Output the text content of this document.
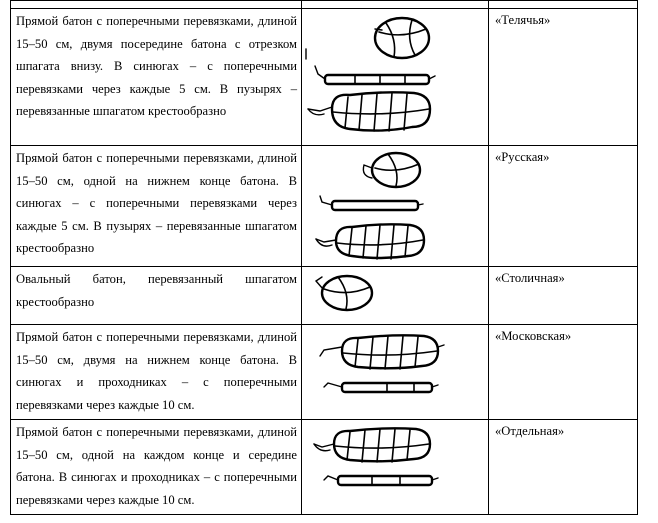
Прямой батон с поперечными перевязками, длиной 15–50 см, двумя посередине батона с отрезком шпагата внизу. В синюгах – с поперечными перевязками через каждые 5 см. В пузырях – перевязанные шпагатом крестообразно		«Телячья»

Прямой батон с поперечными перевязками, длиной 15–50 см, одной на нижнем конце батона. В синюгах – с поперечными перевязками через каждые 5 см. В пузырях – перевязанные шпагатом крестообразно		«Русская»

Овальный батон, перевязанный шпагатом крестообразно		«Столичная»

Прямой батон с поперечными перевязками, длиной 15–50 см, двумя на нижнем конце батона. В синюгах и проходниках – с поперечными перевязками через каждые 10 см.		«Московская»

Прямой батон с поперечными перевязками, длиной 15–50 см, одной на каждом конце и середине батона. В синюгах и проходниках – с поперечными перевязками через каждые 10 см.		«Отдельная»
